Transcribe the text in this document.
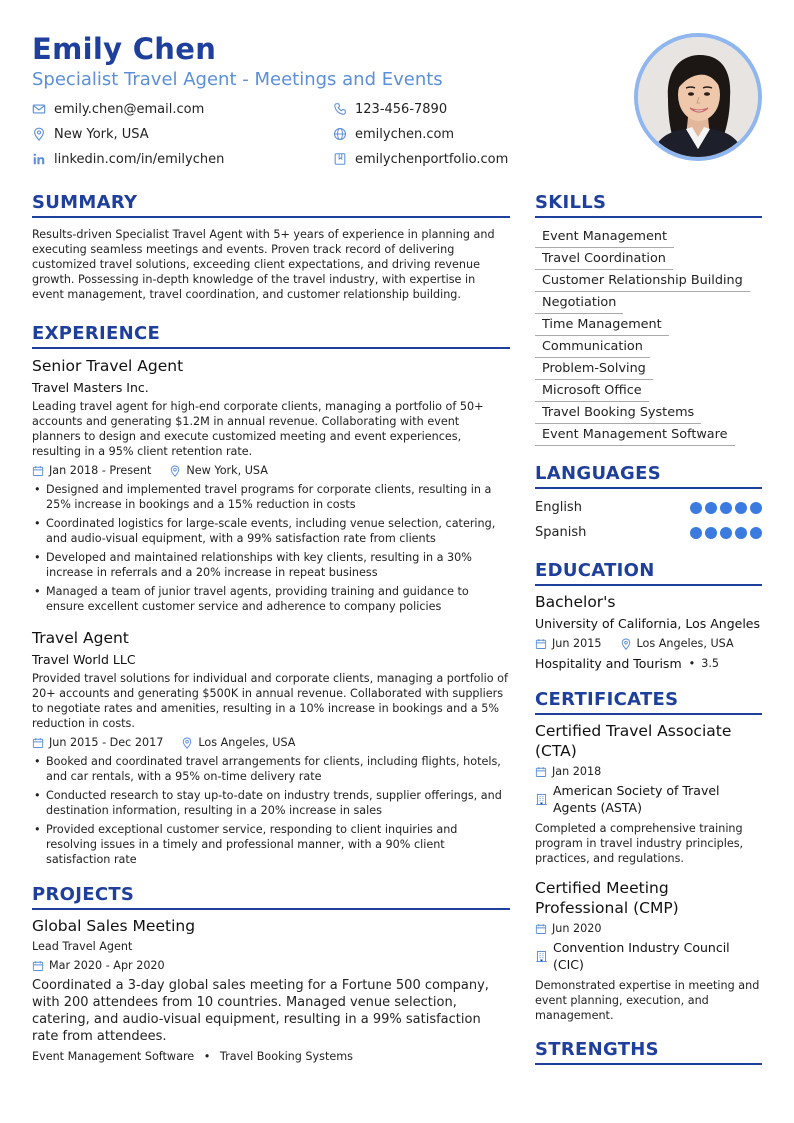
Emily Chen
Specialist Travel Agent - Meetings and Events
emily.chen@email.com	123-456-7890
New York, USA	emilychen.com
linkedin.com/in/emilychen	emilychenportfolio.com
SUMMARY
Results-driven Specialist Travel Agent with 5+ years of experience in planning and executing seamless meetings and events. Proven track record of delivering customized travel solutions, exceeding client expectations, and driving revenue growth. Possessing in-depth knowledge of the travel industry, with expertise in event management, travel coordination, and customer relationship building.
EXPERIENCE
Senior Travel Agent
Travel Masters Inc.
Leading travel agent for high-end corporate clients, managing a portfolio of 50+ accounts and generating $1.2M in annual revenue. Collaborating with event planners to design and execute customized meeting and event experiences, resulting in a 95% client retention rate.
Jan 2018 - Present	New York, USA
• Designed and implemented travel programs for corporate clients, resulting in a 25% increase in bookings and a 15% reduction in costs
• Coordinated logistics for large-scale events, including venue selection, catering, and audio-visual equipment, with a 99% satisfaction rate from clients
• Developed and maintained relationships with key clients, resulting in a 30% increase in referrals and a 20% increase in repeat business
• Managed a team of junior travel agents, providing training and guidance to ensure excellent customer service and adherence to company policies
Travel Agent
Travel World LLC
Provided travel solutions for individual and corporate clients, managing a portfolio of 20+ accounts and generating $500K in annual revenue. Collaborated with suppliers to negotiate rates and amenities, resulting in a 10% increase in bookings and a 5% reduction in costs.
Jun 2015 - Dec 2017	Los Angeles, USA
• Booked and coordinated travel arrangements for clients, including flights, hotels, and car rentals, with a 95% on-time delivery rate
• Conducted research to stay up-to-date on industry trends, supplier offerings, and destination information, resulting in a 20% increase in sales
• Provided exceptional customer service, responding to client inquiries and resolving issues in a timely and professional manner, with a 90% client satisfaction rate
PROJECTS
Global Sales Meeting
Lead Travel Agent
Mar 2020 - Apr 2020
Coordinated a 3-day global sales meeting for a Fortune 500 company, with 200 attendees from 10 countries. Managed venue selection, catering, and audio-visual equipment, resulting in a 99% satisfaction rate from attendees.
Event Management Software • Travel Booking Systems
SKILLS
Event Management
Travel Coordination
Customer Relationship Building
Negotiation
Time Management
Communication
Problem-Solving
Microsoft Office
Travel Booking Systems
Event Management Software
LANGUAGES
English
Spanish
EDUCATION
Bachelor's
University of California, Los Angeles
Jun 2015	Los Angeles, USA
Hospitality and Tourism • 3.5
CERTIFICATES
Certified Travel Associate (CTA)
Jan 2018
American Society of Travel Agents (ASTA)
Completed a comprehensive training program in travel industry principles, practices, and regulations.
Certified Meeting Professional (CMP)
Jun 2020
Convention Industry Council (CIC)
Demonstrated expertise in meeting and event planning, execution, and management.
STRENGTHS
